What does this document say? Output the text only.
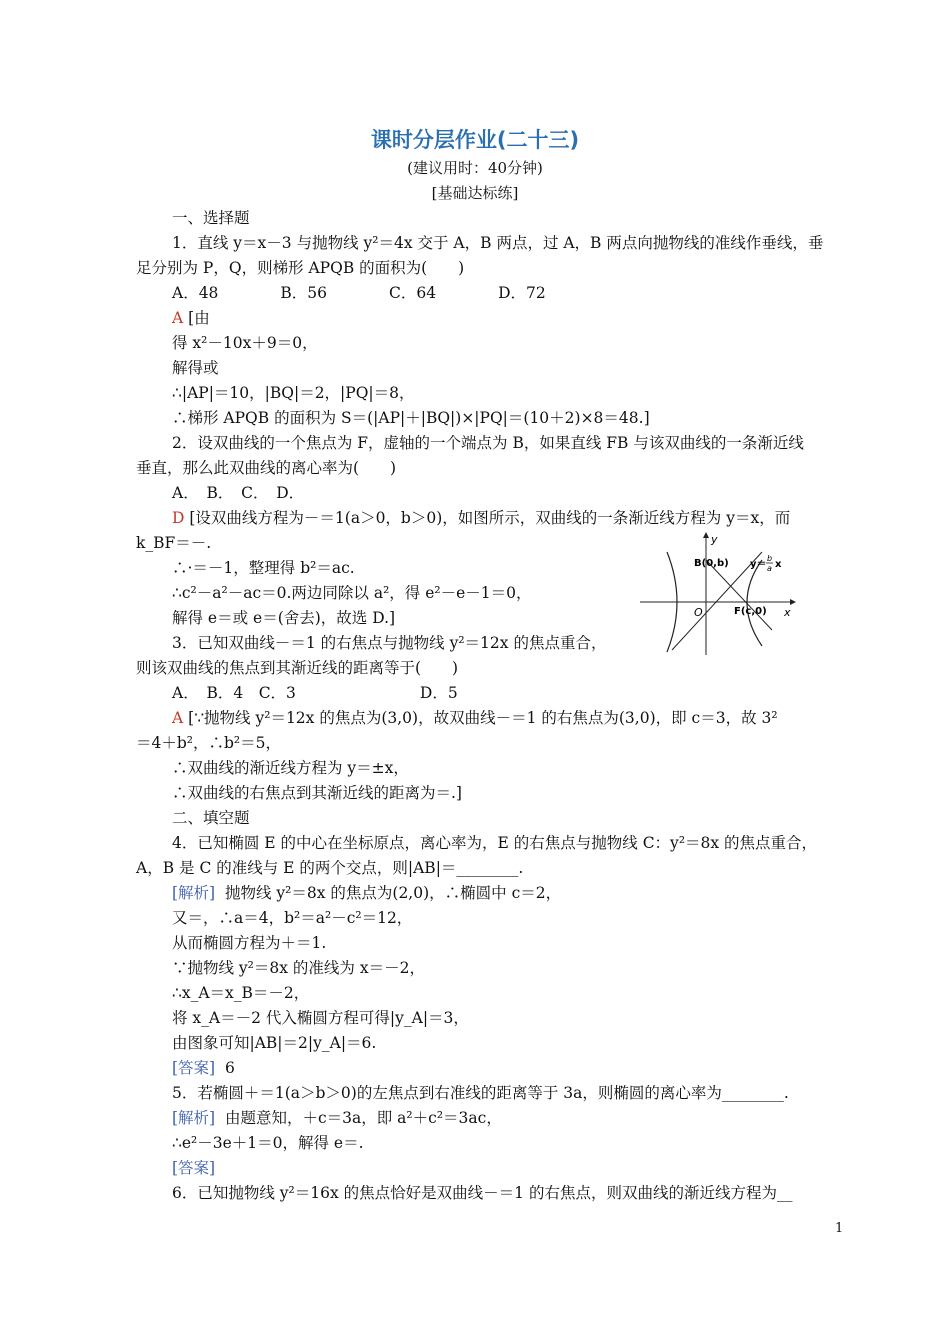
课时分层作业(二十三)
(建议用时：40分钟)
[基础达标练]
一、选择题
1．直线 y＝x－3 与抛物线 y²＝4x 交于 A，B 两点，过 A，B 两点向抛物线的准线作垂线，垂
足分别为 P，Q，则梯形 APQB 的面积为(　　)
A．48　　　　B．56　　　　C．64　　　　D．72
A [由
得 x²－10x＋9＝0，
解得或
∴|AP|＝10，|BQ|＝2，|PQ|＝8，
∴梯形 APQB 的面积为 S＝(|AP|＋|BQ|)×|PQ|＝(10＋2)×8＝48.]
2．设双曲线的一个焦点为 F，虚轴的一个端点为 B，如果直线 FB 与该双曲线的一条渐近线
垂直，那么此双曲线的离心率为(　　)
A．　B．　C．　D．
D [设双曲线方程为－＝1(a＞0，b＞0)，如图所示，双曲线的一条渐近线方程为 y＝x，而
k_BF＝－.
∴·＝－1，整理得 b²＝ac.
∴c²－a²－ac＝0.两边同除以 a²，得 e²－e－1＝0，
解得 e＝或 e＝(舍去)，故选 D.]
y
x
O
B(0,b)
F(c,0)
y＝
b
a x
3．已知双曲线－＝1 的右焦点与抛物线 y²＝12x 的焦点重合，
则该双曲线的焦点到其渐近线的距离等于(　　)
A．　B．4　C．3　　　　　　　　D．5
A [∵抛物线 y²＝12x 的焦点为(3,0)，故双曲线－＝1 的右焦点为(3,0)，即 c＝3，故 3²
＝4＋b²，∴b²＝5，
∴双曲线的渐近线方程为 y＝±x，
∴双曲线的右焦点到其渐近线的距离为＝.]
二、填空题
4．已知椭圆 E 的中心在坐标原点，离心率为，E 的右焦点与抛物线 C：y²＝8x 的焦点重合，
A，B 是 C 的准线与 E 的两个交点，则|AB|＝________.
[解析] 抛物线 y²＝8x 的焦点为(2,0)，∴椭圆中 c＝2，
又＝，∴a＝4，b²＝a²－c²＝12，
从而椭圆方程为＋＝1.
∵抛物线 y²＝8x 的准线为 x＝－2，
∴x_A＝x_B＝－2，
将 x_A＝－2 代入椭圆方程可得|y_A|＝3，
由图象可知|AB|＝2|y_A|＝6.
[答案] 6
5．若椭圆＋＝1(a＞b＞0)的左焦点到右准线的距离等于 3a，则椭圆的离心率为________.
[解析] 由题意知，＋c＝3a，即 a²＋c²＝3ac，
∴e²－3e＋1＝0，解得 e＝.
[答案]
6．已知抛物线 y²＝16x 的焦点恰好是双曲线－＝1 的右焦点，则双曲线的渐近线方程为__
1
